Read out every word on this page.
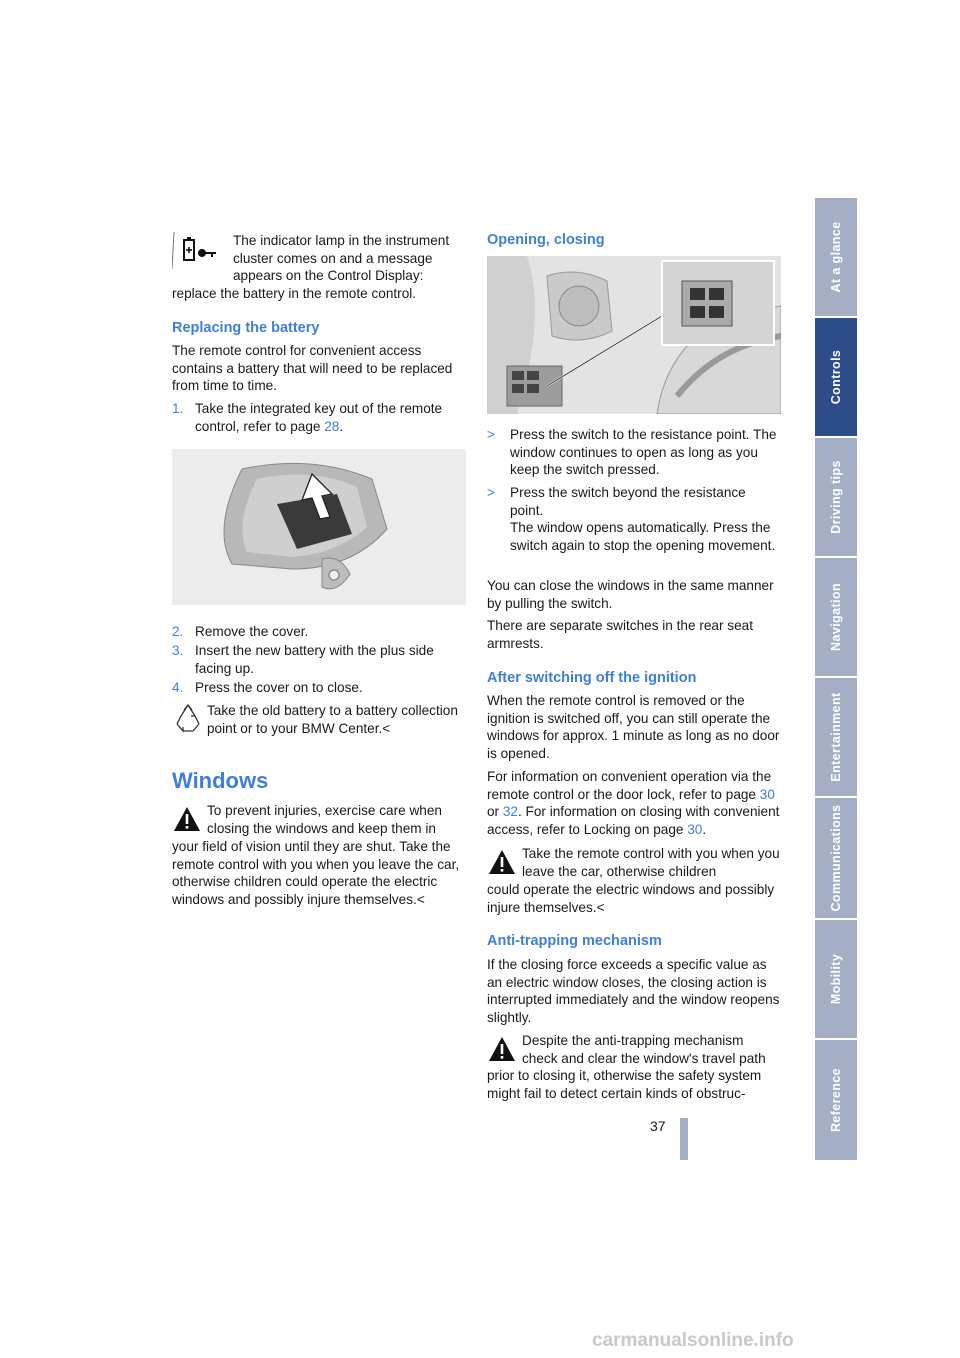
The indicator lamp in the instrument cluster comes on and a message appears on the Control Display:

replace the battery in the remote control.

Replacing the battery

The remote control for convenient access contains a battery that will need to be replaced from time to time.

1. Take the integrated key out of the remote control, refer to page 28.
2. Remove the cover.
3. Insert the new battery with the plus side facing up.
4. Press the cover on to close.

Take the old battery to a battery collection point or to your BMW Center.<

Windows

To prevent injuries, exercise care when closing the windows and keep them in

your field of vision until they are shut. Take the remote control with you when you leave the car, otherwise children could operate the electric windows and possibly injure themselves.<

Opening, closing
> Press the switch to the resistance point. The window continues to open as long as you keep the switch pressed.
> Press the switch beyond the resistance point.
The window opens automatically. Press the switch again to stop the opening movement.

You can close the windows in the same manner by pulling the switch.

There are separate switches in the rear seat armrests.

After switching off the ignition

When the remote control is removed or the ignition is switched off, you can still operate the windows for approx. 1 minute as long as no door is opened.

For information on convenient operation via the remote control or the door lock, refer to page 30 or 32. For information on closing with convenient access, refer to Locking on page 30.

Take the remote control with you when you leave the car, otherwise children

could operate the electric windows and possibly injure themselves.<

Anti-trapping mechanism

If the closing force exceeds a specific value as an electric window closes, the closing action is interrupted immediately and the window reopens slightly.

Despite the anti-trapping mechanism check and clear the window's travel path

prior to closing it, otherwise the safety system might fail to detect certain kinds of obstruc-

At a glance
Controls
Driving tips
Navigation
Entertainment
Communications
Mobility
Reference
37
carmanualsonline.info
